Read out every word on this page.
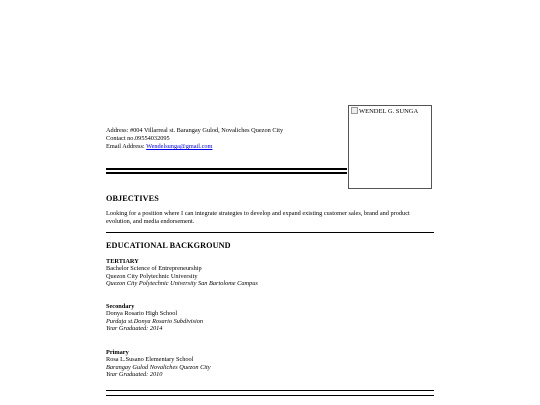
WENDEL G. SUNGA
Address: #004 Villarreal st. Barangay Gulod, Novaliches Quezon City
Contact no.09554032095
Email Address: Wendelsunga@gmail.com
OBJECTIVES
Looking for a position where I can integrate strategies to develop and expand existing customer sales, brand and product evolution, and media endorsement.
EDUCATIONAL BACKGROUND
TERTIARY
Bachelor Science of Entrepreneurship
Quezon City Polytechnic University
Quezon City Polytechnic University San Bartolome Campus
Secondary
Donya Rosario High School
Purdaja st.Donya Rosario Subdivision
Year Graduated: 2014
Primary
Rosa L.Susano Elementary School
Barangay Gulod Novaliches Quezon City
Year Graduated: 2010
